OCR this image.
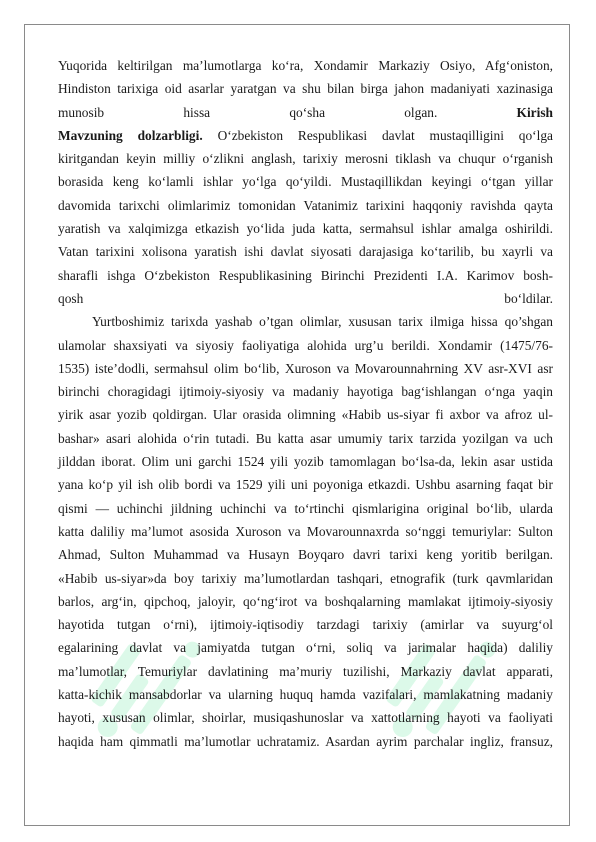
Yuqorida keltirilgan ma’lumotlarga ko‘ra, Xondamir Markaziy Osiyo, Afg‘oniston,
Hindiston tarixiga oid asarlar yaratgan va shu bilan birga jahon madaniyati xazinasiga
munosib hissa qo‘sha olgan.	Kirish
Mavzuning dolzarbligi. O‘zbekiston Respublikasi davlat mustaqilligini qo‘lga
kiritgandan keyin milliy o‘zlikni anglash, tarixiy merosni tiklash va chuqur o‘rganish
borasida keng ko‘lamli ishlar yo‘lga qo‘yildi. Mustaqillikdan keyingi o‘tgan yillar
davomida tarixchi olimlarimiz tomonidan Vatanimiz tarixini haqqoniy ravishda qayta
yaratish va xalqimizga etkazish yo‘lida juda katta, sermahsul ishlar amalga oshirildi.
Vatan tarixini xolisona yaratish ishi davlat siyosati darajasiga ko‘tarilib, bu xayrli va
sharafli ishga O‘zbekiston Respublikasining Birinchi Prezidenti I.A. Karimov bosh-
qosh bo‘ldilar.

Yurtboshimiz tarixda yashab o’tgan olimlar, xususan tarix ilmiga hissa qo’shgan
ulamolar shaxsiyati va siyosiy faoliyatiga alohida urg’u berildi. Xondamir (1475/76-
1535) iste’dodli, sermahsul olim bo‘lib, Xuroson va Movarounnahrning XV asr-XVI asr
birinchi choragidagi ijtimoiy-siyosiy va madaniy hayotiga bag‘ishlangan o‘nga yaqin
yirik asar yozib qoldirgan. Ular orasida olimning «Habib us-siyar fi axbor va afroz ul-
bashar» asari alohida o‘rin tutadi. Bu katta asar umumiy tarix tarzida yozilgan va uch
jilddan iborat. Olim uni garchi 1524 yili yozib tamomlagan bo‘lsa-da, lekin asar ustida
yana ko‘p yil ish olib bordi va 1529 yili uni poyoniga etkazdi. Ushbu asarning faqat bir
qismi — uchinchi jildning uchinchi va to‘rtinchi qismlarigina original bo‘lib, ularda
katta daliliy ma’lumot asosida Xuroson va Movarounnaxrda so‘nggi temuriylar: Sulton
Ahmad, Sulton Muhammad va Husayn Boyqaro davri tarixi keng yoritib berilgan.
«Habib us-siyar»da boy tarixiy ma’lumotlardan tashqari, etnografik (turk qavmlaridan
barlos, arg‘in, qipchoq, jaloyir, qo‘ng‘irot va boshqalarning mamlakat ijtimoiy-siyosiy
hayotida tutgan o‘rni), ijtimoiy-iqtisodiy tarzdagi tarixiy (amirlar va suyurg‘ol
egalarining davlat va jamiyatda tutgan o‘rni, soliq va jarimalar haqida) daliliy
ma’lumotlar, Temuriylar davlatining ma’muriy tuzilishi, Markaziy davlat apparati,
katta-kichik mansabdorlar va ularning huquq hamda vazifalari, mamlakatning madaniy
hayoti, xususan olimlar, shoirlar, musiqashunoslar va xattotlarning hayoti va faoliyati
haqida ham qimmatli ma’lumotlar uchratamiz. Asardan ayrim parchalar ingliz, fransuz,
